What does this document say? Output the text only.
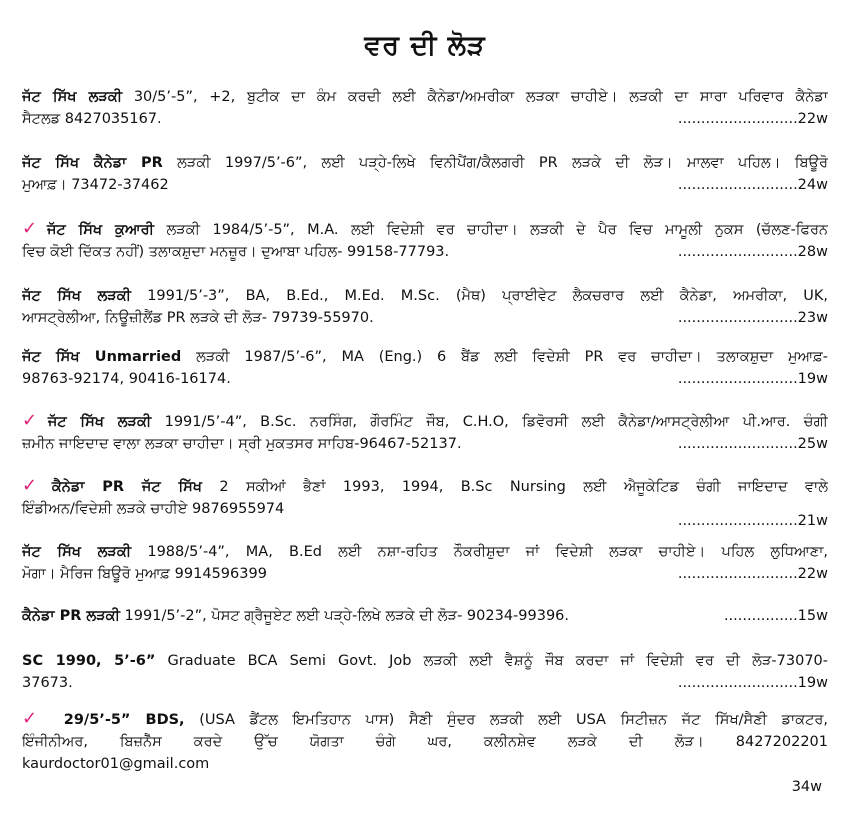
ਵਰ ਦੀ ਲੋੜ
ਜੱਟ ਸਿੱਖ ਲੜਕੀ 30/5’-5”, +2, ਬੁਟੀਕ ਦਾ ਕੰਮ ਕਰਦੀ ਲਈ ਕੈਨੇਡਾ/ਅਮਰੀਕਾ ਲੜਕਾ ਚਾਹੀਏ। ਲੜਕੀ ਦਾ ਸਾਰਾ ਪਰਿਵਾਰ ਕੈਨੇਡਾ
ਸੈਟਲਡ 8427035167.	..........................22w
ਜੱਟ ਸਿੱਖ ਕੈਨੇਡਾ PR ਲੜਕੀ 1997/5’-6”, ਲਈ ਪੜ੍ਹੇ-ਲਿਖੇ ਵਿਨੀਪੈਂਗ/ਕੈਲਗਰੀ PR ਲੜਕੇ ਦੀ ਲੋੜ। ਮਾਲਵਾ ਪਹਿਲ। ਬਿਊਰੋ
ਮੁਆਫ਼। 73472-37462	..........................24w
✓ ਜੱਟ ਸਿੱਖ ਕੁਆਰੀ ਲੜਕੀ 1984/5’-5”, M.A. ਲਈ ਵਿਦੇਸ਼ੀ ਵਰ ਚਾਹੀਦਾ। ਲੜਕੀ ਦੇ ਪੈਰ ਵਿਚ ਮਾਮੂਲੀ ਨੁਕਸ (ਚੱਲਣ-ਫਿਰਨ
ਵਿਚ ਕੋਈ ਦਿੱਕਤ ਨਹੀਂ) ਤਲਾਕਸ਼ੁਦਾ ਮਨਜ਼ੂਰ। ਦੁਆਬਾ ਪਹਿਲ- 99158-77793.	..........................28w
ਜੱਟ ਸਿੱਖ ਲੜਕੀ 1991/5’-3”, BA, B.Ed., M.Ed. M.Sc. (ਮੈਥ) ਪ੍ਰਾਈਵੇਟ ਲੈਕਚਰਾਰ ਲਈ ਕੈਨੇਡਾ, ਅਮਰੀਕਾ, UK,
ਆਸਟ੍ਰੇਲੀਆ, ਨਿਊਜ਼ੀਲੈਂਡ PR ਲੜਕੇ ਦੀ ਲੋੜ- 79739-55970.	..........................23w
ਜੱਟ ਸਿੱਖ Unmarried ਲੜਕੀ 1987/5’-6”, MA (Eng.) 6 ਬੈਂਡ ਲਈ ਵਿਦੇਸ਼ੀ PR ਵਰ ਚਾਹੀਦਾ। ਤਲਾਕਸ਼ੁਦਾ ਮੁਆਫ਼-
98763-92174, 90416-16174.	..........................19w
✓ ਜੱਟ ਸਿੱਖ ਲੜਕੀ 1991/5’-4”, B.Sc. ਨਰਸਿੰਗ, ਗੌਰਮਿੰਟ ਜੌਬ, C.H.O, ਡਿਵੋਰਸੀ ਲਈ ਕੈਨੇਡਾ/ਆਸਟ੍ਰੇਲੀਆ ਪੀ.ਆਰ. ਚੰਗੀ
ਜ਼ਮੀਨ ਜਾਇਦਾਦ ਵਾਲਾ ਲੜਕਾ ਚਾਹੀਦਾ। ਸ੍ਰੀ ਮੁਕਤਸਰ ਸਾਹਿਬ-96467-52137.	..........................25w
✓ ਕੈਨੇਡਾ PR ਜੱਟ ਸਿੱਖ 2 ਸਕੀਆਂ ਭੈਣਾਂ 1993, 1994, B.Sc Nursing ਲਈ ਐਜੂਕੇਟਿਡ ਚੰਗੀ ਜਾਇਦਾਦ ਵਾਲੇ
ਇੰਡੀਅਨ/ਵਿਦੇਸ਼ੀ ਲੜਕੇ ਚਾਹੀਏ 9876955974
..........................21w
ਜੱਟ ਸਿੱਖ ਲੜਕੀ 1988/5’-4”, MA, B.Ed ਲਈ ਨਸ਼ਾ-ਰਹਿਤ ਨੌਕਰੀਸ਼ੁਦਾ ਜਾਂ ਵਿਦੇਸ਼ੀ ਲੜਕਾ ਚਾਹੀਏ। ਪਹਿਲ ਲੁਧਿਆਣਾ,
ਮੋਗਾ। ਮੈਰਿਜ ਬਿਊਰੋ ਮੁਆਫ਼ 9914596399	..........................22w
ਕੈਨੇਡਾ PR ਲੜਕੀ 1991/5’-2”, ਪੋਸਟ ਗ੍ਰੈਜੂਏਟ ਲਈ ਪੜ੍ਹੇ-ਲਿਖੇ ਲੜਕੇ ਦੀ ਲੋੜ- 90234-99396.	................15w
SC 1990, 5’-6” Graduate BCA Semi Govt. Job ਲੜਕੀ ਲਈ ਵੈਸ਼ਨੂੰ ਜੌਬ ਕਰਦਾ ਜਾਂ ਵਿਦੇਸ਼ੀ ਵਰ ਦੀ ਲੋੜ-73070-
37673.	..........................19w
✓ 29/5’-5” BDS, (USA ਡੈਂਟਲ ਇਮਤਿਹਾਨ ਪਾਸ) ਸੈਣੀ ਸੁੰਦਰ ਲੜਕੀ ਲਈ USA ਸਿਟੀਜ਼ਨ ਜੱਟ ਸਿੱਖ/ਸੈਣੀ ਡਾਕਟਰ,
ਇੰਜੀਨੀਅਰ, ਬਿਜ਼ਨੈੱਸ ਕਰਦੇ ਉੱਚ ਯੋਗਤਾ ਚੰਗੇ ਘਰ, ਕਲੀਨਸ਼ੇਵ ਲੜਕੇ ਦੀ ਲੋੜ। 8427202201
kaurdoctor01@gmail.com
34w
